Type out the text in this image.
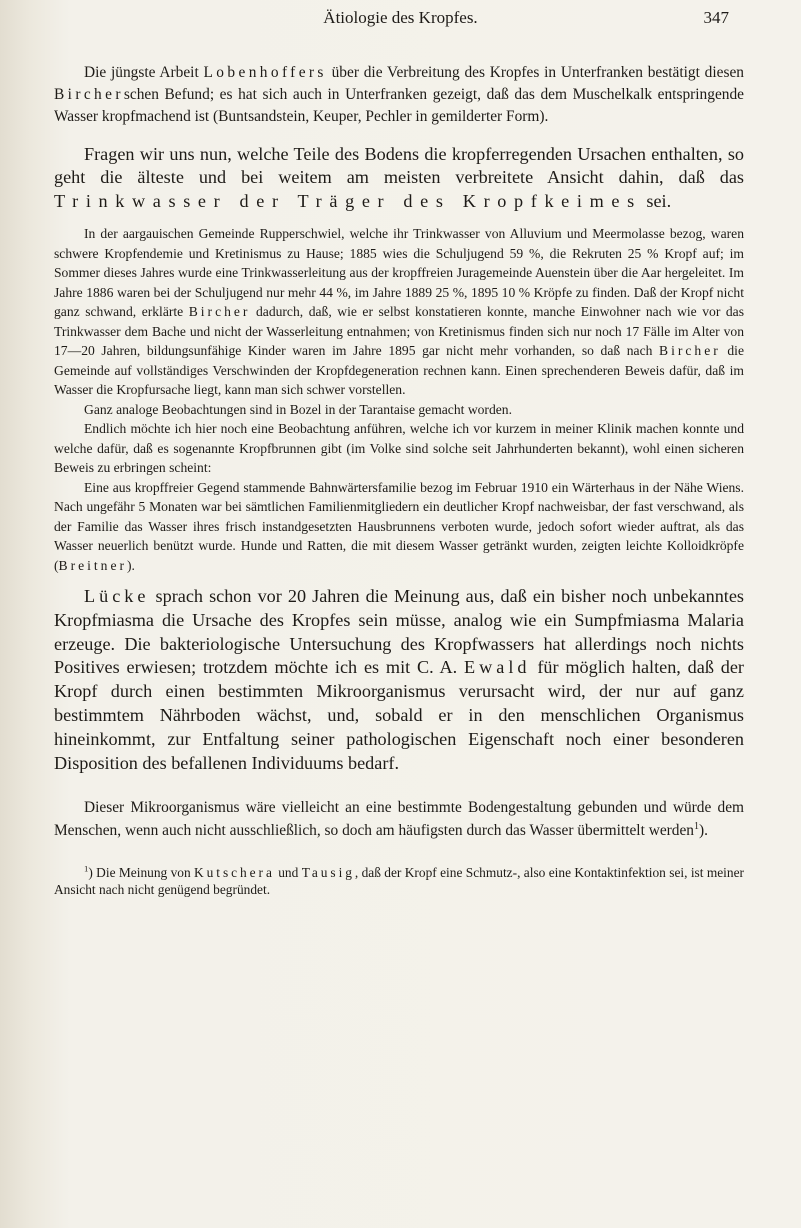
Ätiologie des Kropfes.	347

Die jüngste Arbeit Lobenhoffers über die Verbreitung des Kropfes in Unterfranken bestätigt diesen Bircherschen Befund; es hat sich auch in Unterfranken gezeigt, daß das dem Muschelkalk entspringende Wasser kropfmachend ist (Buntsandstein, Keuper, Pechler in gemilderter Form).

Fragen wir uns nun, welche Teile des Bodens die kropferregenden Ursachen enthalten, so geht die älteste und bei weitem am meisten verbreitete Ansicht dahin, daß das Trinkwasser der Träger des Kropfkeimes sei.

In der aargauischen Gemeinde Rupperschwiel, welche ihr Trinkwasser von Alluvium und Meermolasse bezog, waren schwere Kropfendemie und Kretinismus zu Hause; 1885 wies die Schuljugend 59 %, die Rekruten 25 % Kropf auf; im Sommer dieses Jahres wurde eine Trinkwasserleitung aus der kropffreien Juragemeinde Auenstein über die Aar hergeleitet. Im Jahre 1886 waren bei der Schuljugend nur mehr 44 %, im Jahre 1889 25 %, 1895 10 % Kröpfe zu finden. Daß der Kropf nicht ganz schwand, erklärte Bircher dadurch, daß, wie er selbst konstatieren konnte, manche Einwohner nach wie vor das Trinkwasser dem Bache und nicht der Wasserleitung entnahmen; von Kretinismus finden sich nur noch 17 Fälle im Alter von 17—20 Jahren, bildungsunfähige Kinder waren im Jahre 1895 gar nicht mehr vorhanden, so daß nach Bircher die Gemeinde auf vollständiges Verschwinden der Kropfdegeneration rechnen kann. Einen sprechenderen Beweis dafür, daß im Wasser die Kropfursache liegt, kann man sich schwer vorstellen.

Ganz analoge Beobachtungen sind in Bozel in der Tarantaise gemacht worden.

Endlich möchte ich hier noch eine Beobachtung anführen, welche ich vor kurzem in meiner Klinik machen konnte und welche dafür, daß es sogenannte Kropfbrunnen gibt (im Volke sind solche seit Jahrhunderten bekannt), wohl einen sicheren Beweis zu erbringen scheint:

Eine aus kropffreier Gegend stammende Bahnwärtersfamilie bezog im Februar 1910 ein Wärterhaus in der Nähe Wiens. Nach ungefähr 5 Monaten war bei sämtlichen Familienmitgliedern ein deutlicher Kropf nachweisbar, der fast verschwand, als der Familie das Wasser ihres frisch instandgesetzten Hausbrunnens verboten wurde, jedoch sofort wieder auftrat, als das Wasser neuerlich benützt wurde. Hunde und Ratten, die mit diesem Wasser getränkt wurden, zeigten leichte Kolloidkröpfe (Breitner).

Lücke sprach schon vor 20 Jahren die Meinung aus, daß ein bisher noch unbekanntes Kropfmiasma die Ursache des Kropfes sein müsse, analog wie ein Sumpfmiasma Malaria erzeuge. Die bakteriologische Untersuchung des Kropfwassers hat allerdings noch nichts Positives erwiesen; trotzdem möchte ich es mit C. A. Ewald für möglich halten, daß der Kropf durch einen bestimmten Mikroorganismus verursacht wird, der nur auf ganz bestimmtem Nährboden wächst, und, sobald er in den menschlichen Organismus hineinkommt, zur Entfaltung seiner pathologischen Eigenschaft noch einer besonderen Disposition des befallenen Individuums bedarf.

Dieser Mikroorganismus wäre vielleicht an eine bestimmte Bodengestaltung gebunden und würde dem Menschen, wenn auch nicht ausschließlich, so doch am häufigsten durch das Wasser übermittelt werden$^1$).

$^1$) Die Meinung von Kutschera und Tausig, daß der Kropf eine Schmutz-, also eine Kontaktinfektion sei, ist meiner Ansicht nach nicht genügend begründet.
